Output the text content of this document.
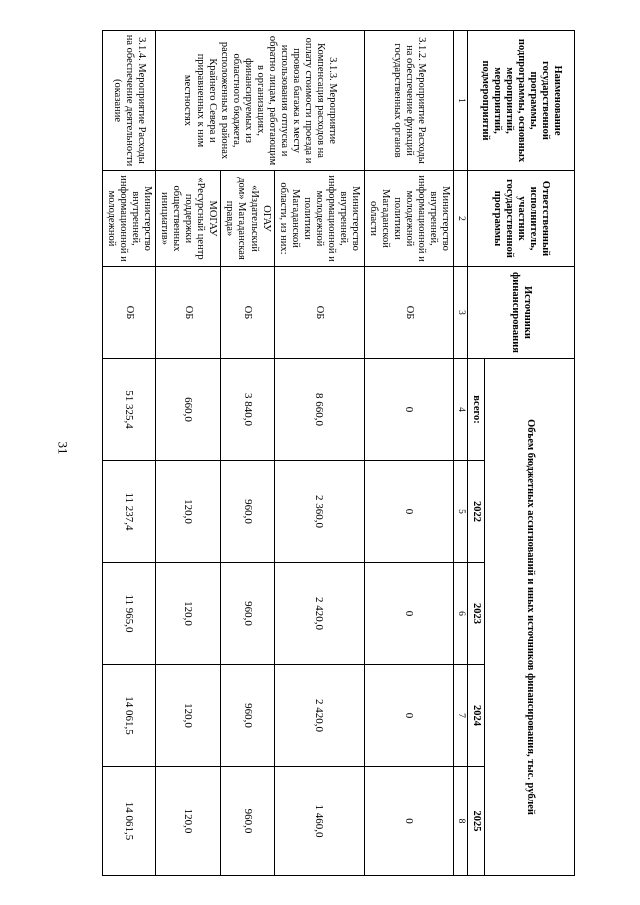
31
Наименование государственной программы, подпрограммы, основных мероприятий, мероприятий, подмероприятий	Ответственный исполнитель, участник государственной программы	Источники финансирования	Объем бюджетных ассигнований и иных источников финансирования, тыс. рублей				
			всего:	2022	2023	2024	2025
1	2	3	4	5	6	7	8
3.1.2. Мероприятие Расходы на обеспечение функций государственных органов	Министерство внутренней, информационной и молодежной политики Магаданской области	ОБ	0	0	0	0	0
3.1.3. Мероприятие Компенсация расходов на оплату стоимости проезда и провоза багажа к месту использования отпуска и обратно лицам, работающим в организациях, финансируемых из областного бюджета, расположенных в районах Крайнего Севера и приравненных к ним местностях	Министерство внутренней, информационной и молодежной политики Магаданской области, из них:	ОБ	8 660,0	2 360,0	2 420,0	2 420,0	1 460,0
	ОГАУ «Издательский дом» Магаданская правда»	ОБ	3 840,0	960,0	960,0	960,0	960,0
	МОГАУ «Ресурсный центр поддержки общественных инициатив»	ОБ	660,0	120,0	120,0	120,0	120,0
3.1.4. Мероприятие Расходы на обеспечение деятельности (оказание	Министерство внутренней, информационной и молодежной	ОБ	51 325,4	11 237,4	11 965,0	14 061,5	14 061,5
